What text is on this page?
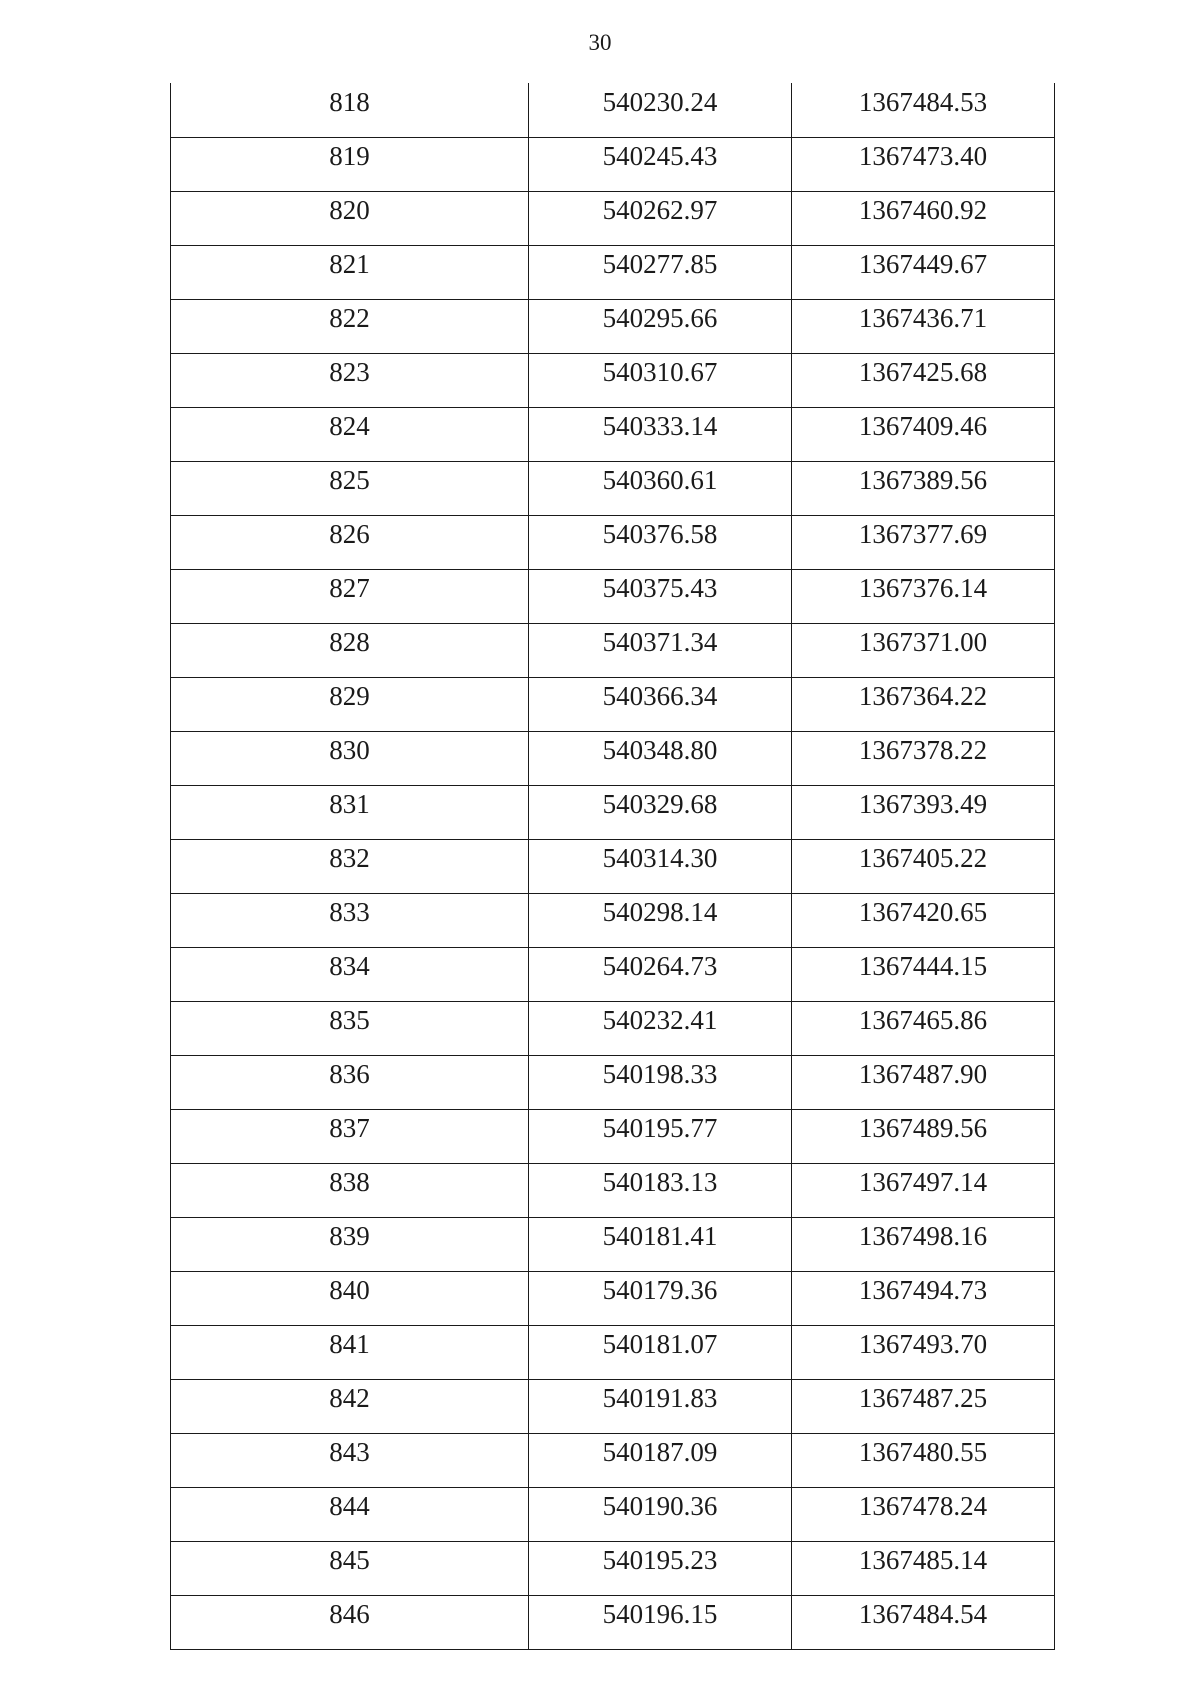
30
818	540230.24	1367484.53
819	540245.43	1367473.40
820	540262.97	1367460.92
821	540277.85	1367449.67
822	540295.66	1367436.71
823	540310.67	1367425.68
824	540333.14	1367409.46
825	540360.61	1367389.56
826	540376.58	1367377.69
827	540375.43	1367376.14
828	540371.34	1367371.00
829	540366.34	1367364.22
830	540348.80	1367378.22
831	540329.68	1367393.49
832	540314.30	1367405.22
833	540298.14	1367420.65
834	540264.73	1367444.15
835	540232.41	1367465.86
836	540198.33	1367487.90
837	540195.77	1367489.56
838	540183.13	1367497.14
839	540181.41	1367498.16
840	540179.36	1367494.73
841	540181.07	1367493.70
842	540191.83	1367487.25
843	540187.09	1367480.55
844	540190.36	1367478.24
845	540195.23	1367485.14
846	540196.15	1367484.54
